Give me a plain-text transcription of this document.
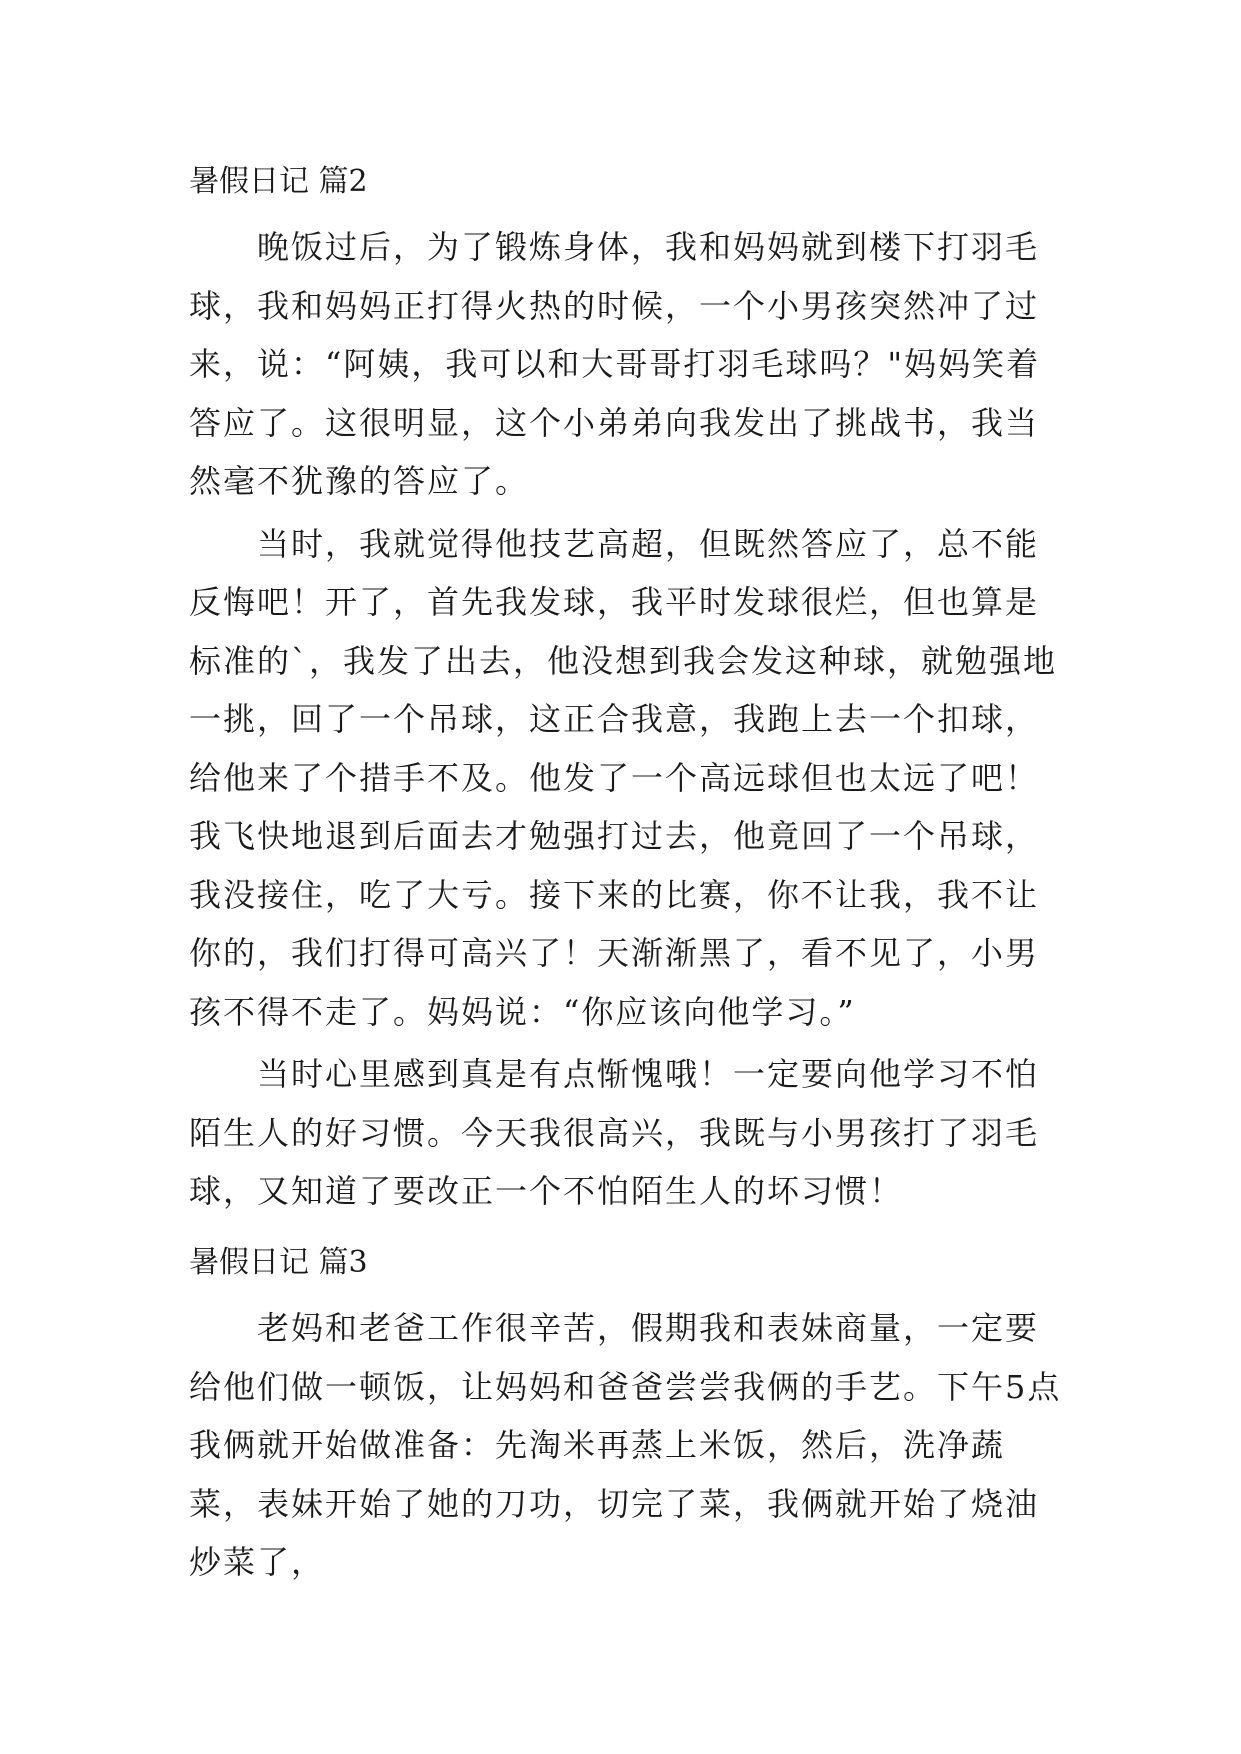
暑假日记 篇2

晚饭过后，为了锻炼身体，我和妈妈就到楼下打羽毛球，我和妈妈正打得火热的时候，一个小男孩突然冲了过来，说：“阿姨，我可以和大哥哥打羽毛球吗？"妈妈笑着答应了。这很明显，这个小弟弟向我发出了挑战书，我当然毫不犹豫的答应了。

当时，我就觉得他技艺高超，但既然答应了，总不能反悔吧！开了，首先我发球，我平时发球很烂，但也算是标准的`，我发了出去，他没想到我会发这种球，就勉强地一挑，回了一个吊球，这正合我意，我跑上去一个扣球，给他来了个措手不及。他发了一个高远球但也太远了吧！我飞快地退到后面去才勉强打过去，他竟回了一个吊球，我没接住，吃了大亏。接下来的比赛，你不让我，我不让你的，我们打得可高兴了！天渐渐黑了，看不见了，小男孩不得不走了。妈妈说：“你应该向他学习。”

当时心里感到真是有点惭愧哦！一定要向他学习不怕陌生人的好习惯。今天我很高兴，我既与小男孩打了羽毛球，又知道了要改正一个不怕陌生人的坏习惯！

暑假日记 篇3

老妈和老爸工作很辛苦，假期我和表妹商量，一定要给他们做一顿饭，让妈妈和爸爸尝尝我俩的手艺。下午5点我俩就开始做准备：先淘米再蒸上米饭，然后，洗净蔬菜，表妹开始了她的刀功，切完了菜，我俩就开始了烧油炒菜了，
